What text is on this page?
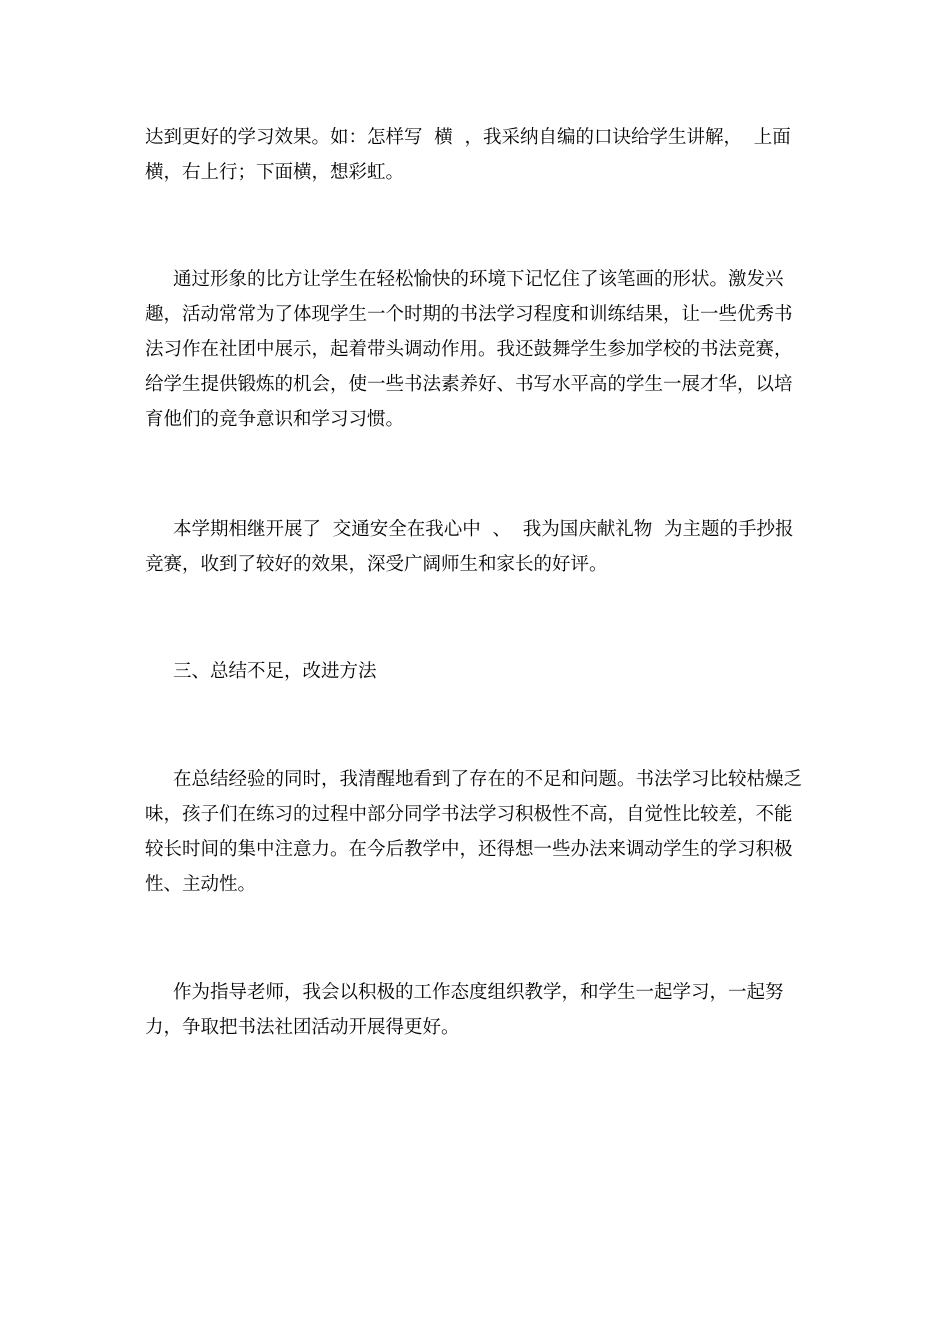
达到更好的学习效果。如：怎样写  横  ，我采纳自编的口诀给学生讲解，  上面横，右上行；下面横，想彩虹。

通过形象的比方让学生在轻松愉快的环境下记忆住了该笔画的形状。激发兴趣，活动常常为了体现学生一个时期的书法学习程度和训练结果，让一些优秀书法习作在社团中展示，起着带头调动作用。我还鼓舞学生参加学校的书法竞赛，给学生提供锻炼的机会，使一些书法素养好、书写水平高的学生一展才华，以培育他们的竞争意识和学习习惯。

本学期相继开展了  交通安全在我心中  、  我为国庆献礼物  为主题的手抄报竞赛，收到了较好的效果，深受广阔师生和家长的好评。

三、总结不足，改进方法

在总结经验的同时，我清醒地看到了存在的不足和问题。书法学习比较枯燥乏味，孩子们在练习的过程中部分同学书法学习积极性不高，自觉性比较差，不能较长时间的集中注意力。在今后教学中，还得想一些办法来调动学生的学习积极性、主动性。

作为指导老师，我会以积极的工作态度组织教学，和学生一起学习，一起努力，争取把书法社团活动开展得更好。
